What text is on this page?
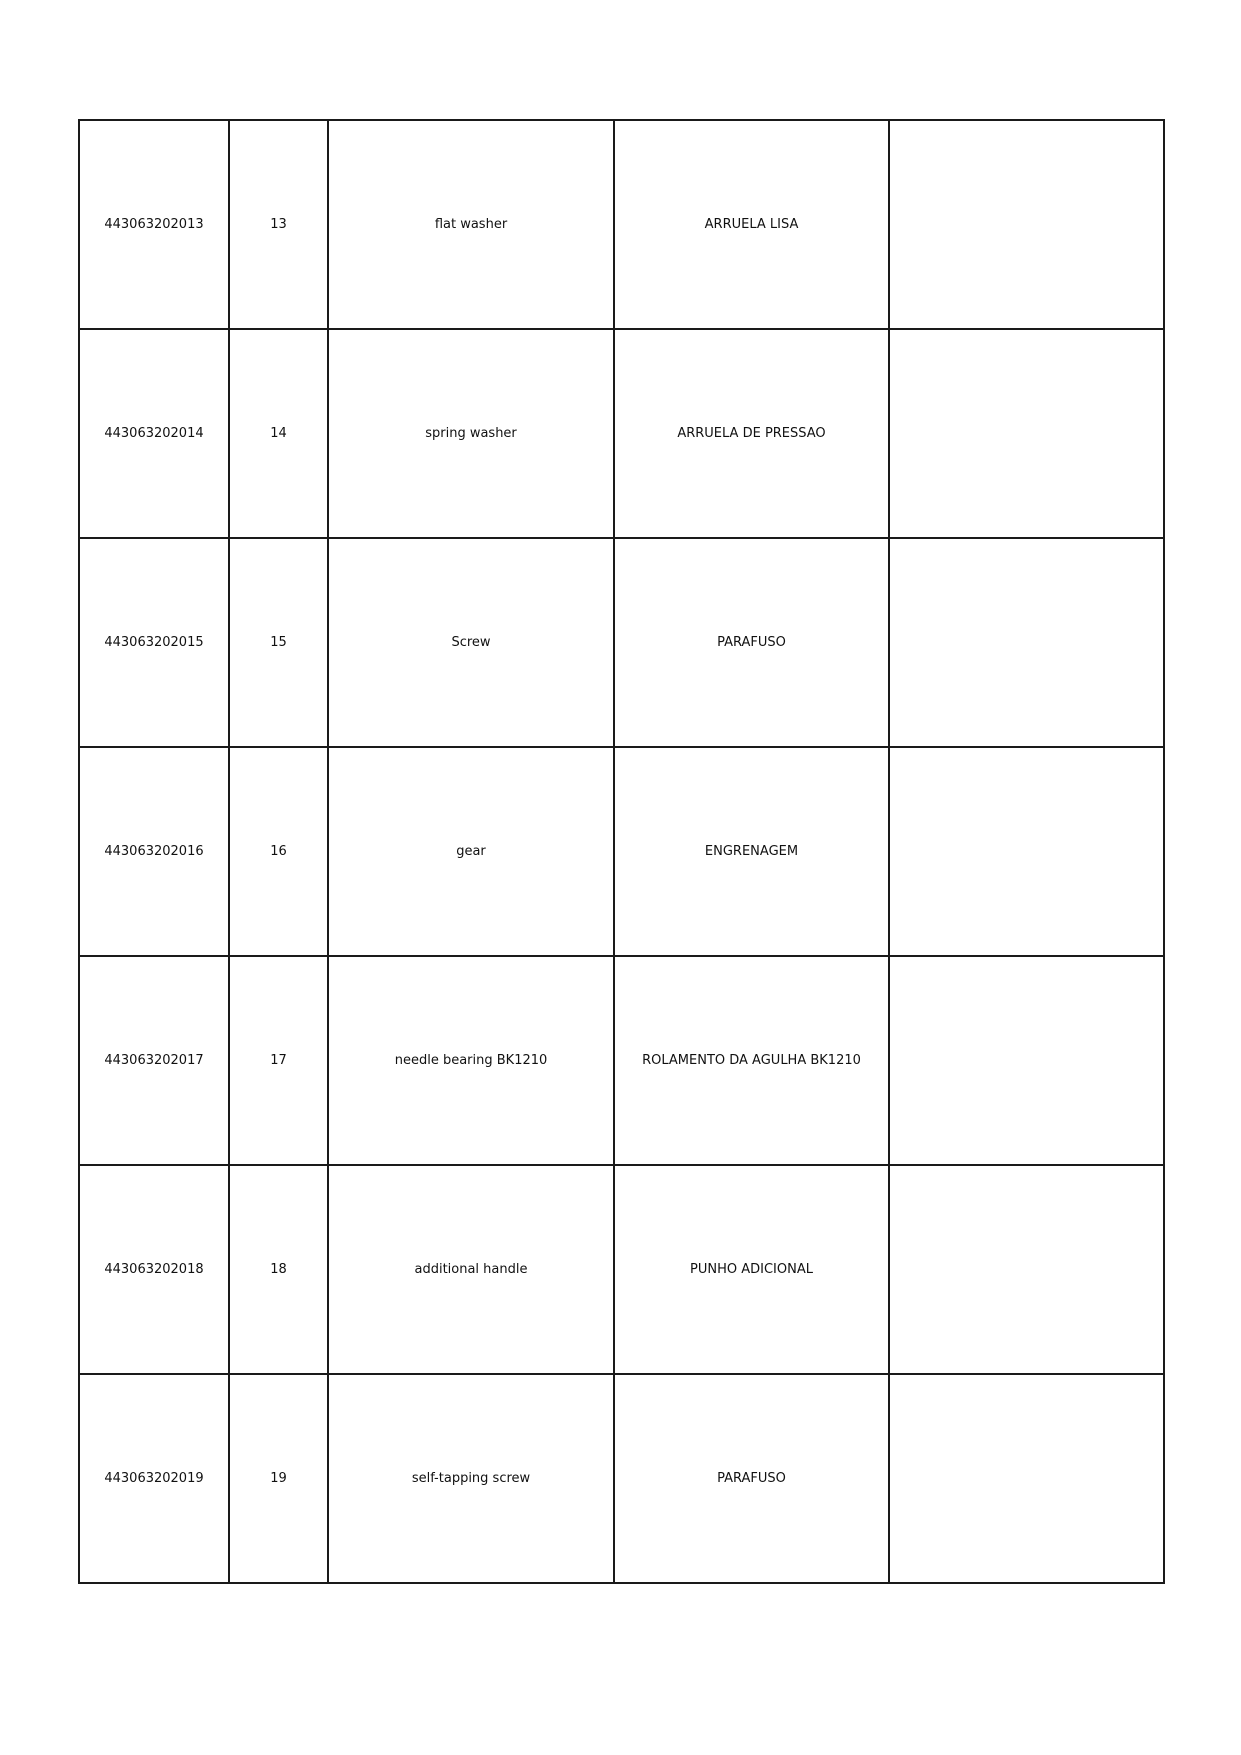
443063202013	13	flat washer	ARRUELA LISA	
443063202014	14	spring washer	ARRUELA DE PRESSAO	
443063202015	15	Screw	PARAFUSO	
443063202016	16	gear	ENGRENAGEM	
443063202017	17	needle bearing BK1210	ROLAMENTO DA AGULHA BK1210	
443063202018	18	additional handle	PUNHO ADICIONAL	
443063202019	19	self-tapping screw	PARAFUSO	
